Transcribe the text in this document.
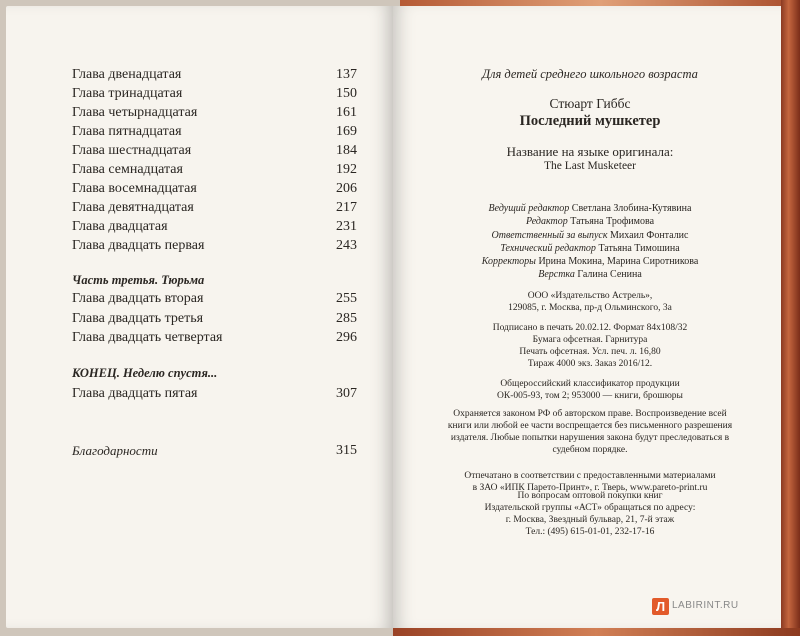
Глава двенадцатая	137
Глава тринадцатая	150
Глава четырнадцатая	161
Глава пятнадцатая	169
Глава шестнадцатая	184
Глава семнадцатая	192
Глава восемнадцатая	206
Глава девятнадцатая	217
Глава двадцатая	231
Глава двадцать первая	243
Часть третья. Тюрьма
Глава двадцать вторая	255
Глава двадцать третья	285
Глава двадцать четвертая	296
КОНЕЦ. Неделю спустя...
Глава двадцать пятая	307
Благодарности	315
Для детей среднего школьного возраста
Стюарт Гиббс
Последний мушкетер
Название на языке оригинала:
The Last Musketeer
Ведущий редактор Светлана Злобина-Кутявина
Редактор Татьяна Трофимова
Ответственный за выпуск Михаил Фонталис
Технический редактор Татьяна Тимошина
Корректоры Ирина Мокина, Марина Сиротникова
Верстка Галина Сенина
ООО «Издательство Астрель»,
129085, г. Москва, пр-д Ольминского, 3а
Подписано в печать 20.02.12. Формат 84х108/32
Бумага офсетная. Гарнитура
Печать офсетная. Усл. печ. л. 16,80
Тираж 4000 экз. Заказ 2016/12.
Общероссийский классификатор продукции
ОК-005-93, том 2; 953000 — книги, брошюры
Охраняется законом РФ об авторском праве. Воспроизведение всей
книги или любой ее части воспрещается без письменного разрешения
издателя. Любые попытки нарушения закона будут преследоваться в
судебном порядке.
Отпечатано в соответствии с предоставленными материалами
в ЗАО «ИПК Парето-Принт», г. Тверь, www.pareto-print.ru
По вопросам оптовой покупки книг
Издательской группы «АСТ» обращаться по адресу:
г. Москва, Звездный бульвар, 21, 7-й этаж
Тел.: (495) 615-01-01, 232-17-16
Л LABIRINT.RU
